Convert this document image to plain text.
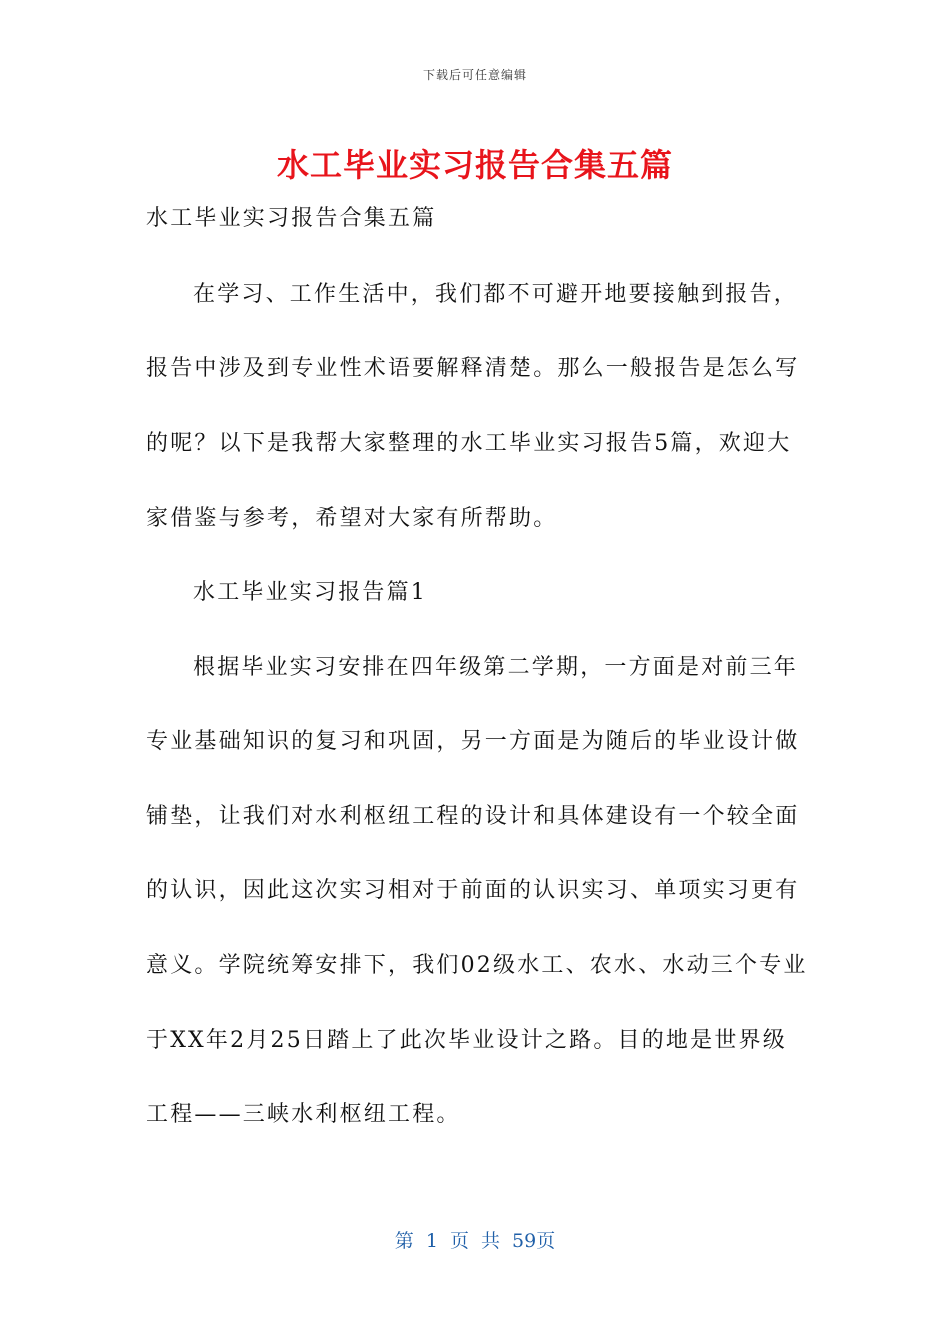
下载后可任意编辑
水工毕业实习报告合集五篇
水工毕业实习报告合集五篇
在学习、工作生活中，我们都不可避开地要接触到报告，
报告中涉及到专业性术语要解释清楚。那么一般报告是怎么写
的呢？以下是我帮大家整理的水工毕业实习报告5篇，欢迎大
家借鉴与参考，希望对大家有所帮助。
水工毕业实习报告篇1
根据毕业实习安排在四年级第二学期，一方面是对前三年
专业基础知识的复习和巩固，另一方面是为随后的毕业设计做
铺垫，让我们对水利枢纽工程的设计和具体建设有一个较全面
的认识，因此这次实习相对于前面的认识实习、单项实习更有
意义。学院统筹安排下，我们02级水工、农水、水动三个专业
于XX年2月25日踏上了此次毕业设计之路。目的地是世界级
工程——三峡水利枢纽工程。
第 1 页 共 59页
